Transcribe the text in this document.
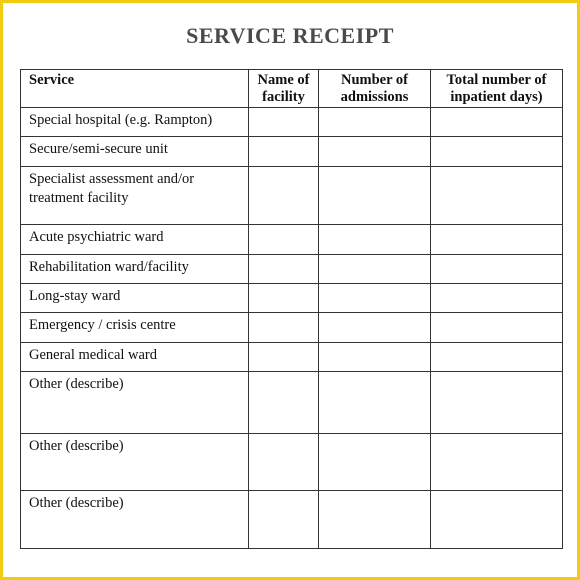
SERVICE RECEIPT
Service	Name of facility	Number of admissions	Total number of inpatient days)
Special hospital (e.g. Rampton)			
Secure/semi-secure unit			
Specialist assessment and/or treatment facility			
Acute psychiatric ward			
Rehabilitation ward/facility			
Long-stay ward			
Emergency / crisis centre			
General medical ward			
Other (describe)			
Other (describe)			
Other (describe)			
